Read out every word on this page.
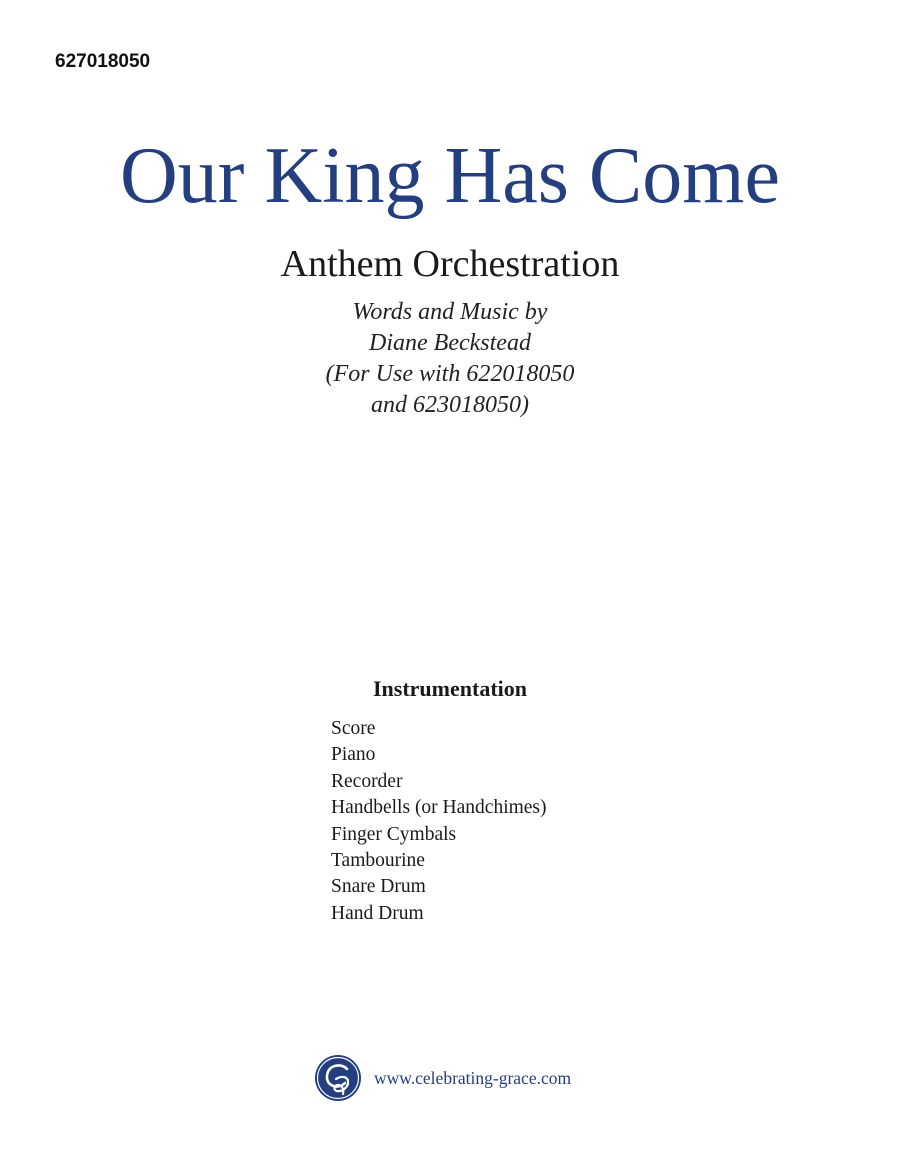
627018050
Our King Has Come
Anthem Orchestration
Words and Music by
Diane Beckstead
(For Use with 622018050
and 623018050)
Instrumentation
Score
Piano
Recorder
Handbells (or Handchimes)
Finger Cymbals
Tambourine
Snare Drum
Hand Drum
www.celebrating-grace.com
